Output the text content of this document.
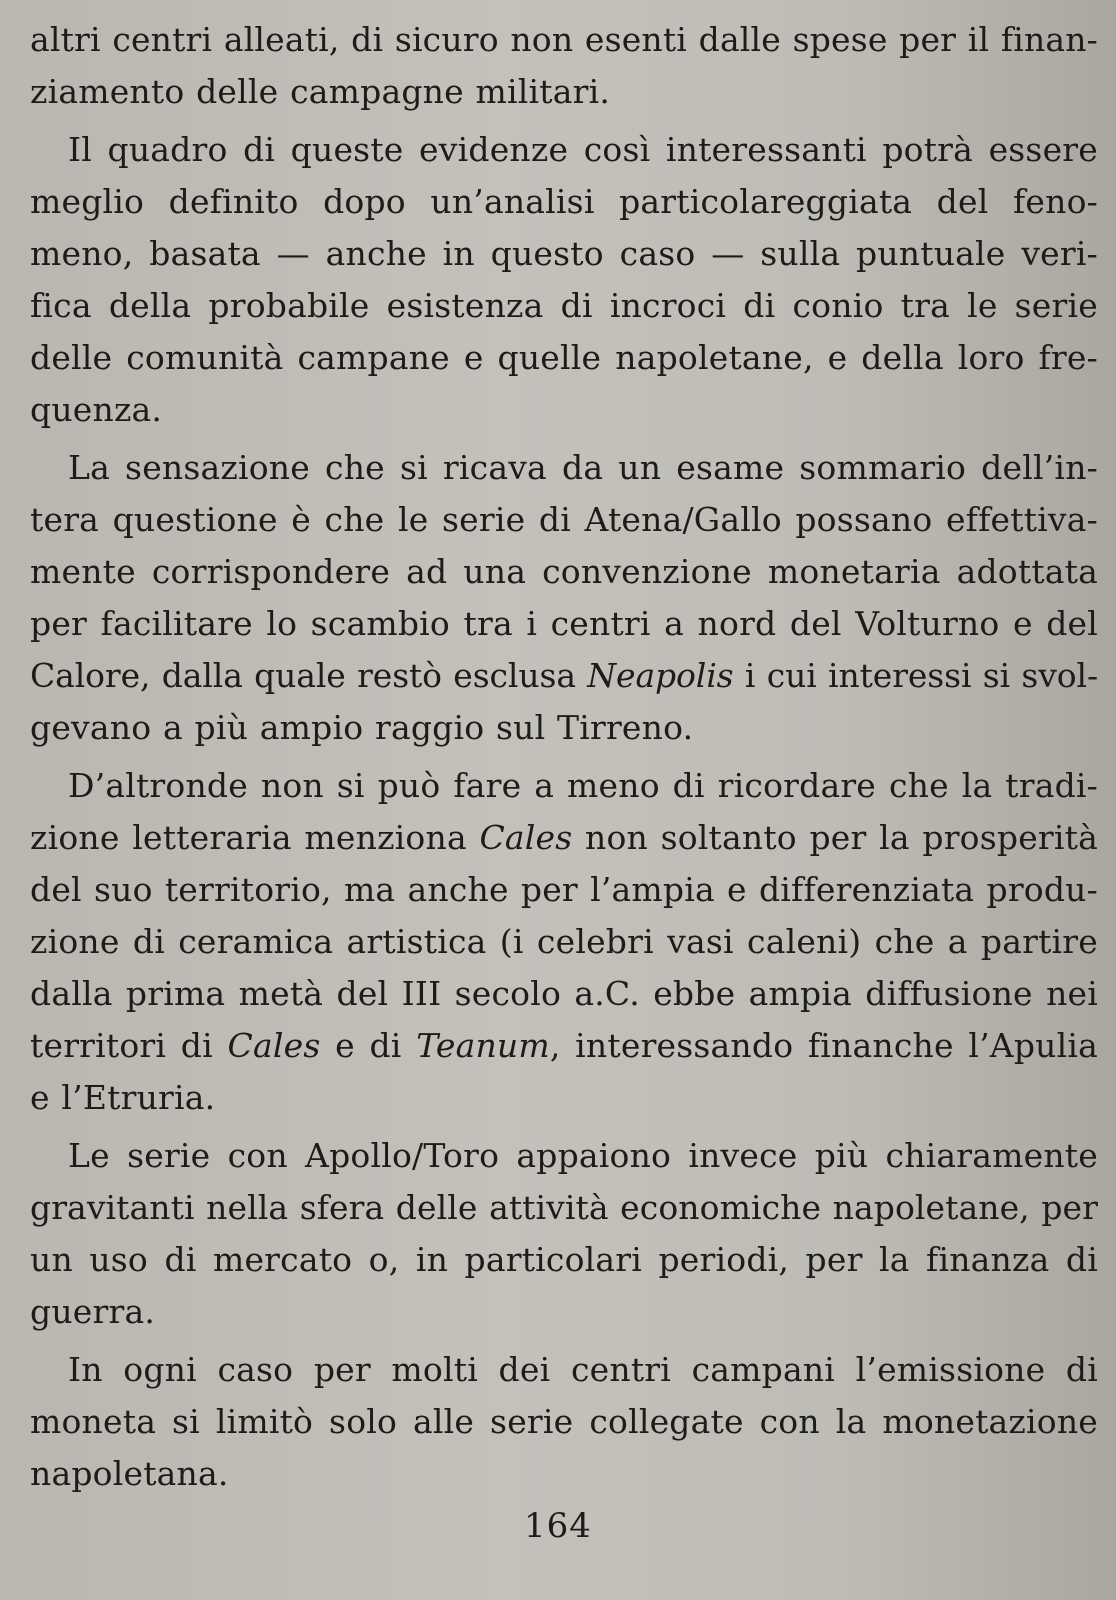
altri centri alleati, di sicuro non esenti dalle spese per il finan-
ziamento delle campagne militari.
Il quadro di queste evidenze così interessanti potrà essere
meglio definito dopo un’analisi particolareggiata del feno-
meno, basata — anche in questo caso — sulla puntuale veri-
fica della probabile esistenza di incroci di conio tra le serie
delle comunità campane e quelle napoletane, e della loro fre-
quenza.
La sensazione che si ricava da un esame sommario dell’in-
tera questione è che le serie di Atena/Gallo possano effettiva-
mente corrispondere ad una convenzione monetaria adottata
per facilitare lo scambio tra i centri a nord del Volturno e del
Calore, dalla quale restò esclusa Neapolis i cui interessi si svol-
gevano a più ampio raggio sul Tirreno.
D’altronde non si può fare a meno di ricordare che la tradi-
zione letteraria menziona Cales non soltanto per la prosperità
del suo territorio, ma anche per l’ampia e differenziata produ-
zione di ceramica artistica (i celebri vasi caleni) che a partire
dalla prima metà del III secolo a.C. ebbe ampia diffusione nei
territori di Cales e di Teanum, interessando finanche l’Apulia
e l’Etruria.
Le serie con Apollo/Toro appaiono invece più chiaramente
gravitanti nella sfera delle attività economiche napoletane, per
un uso di mercato o, in particolari periodi, per la finanza di
guerra.
In ogni caso per molti dei centri campani l’emissione di
moneta si limitò solo alle serie collegate con la monetazione
napoletana.
164
